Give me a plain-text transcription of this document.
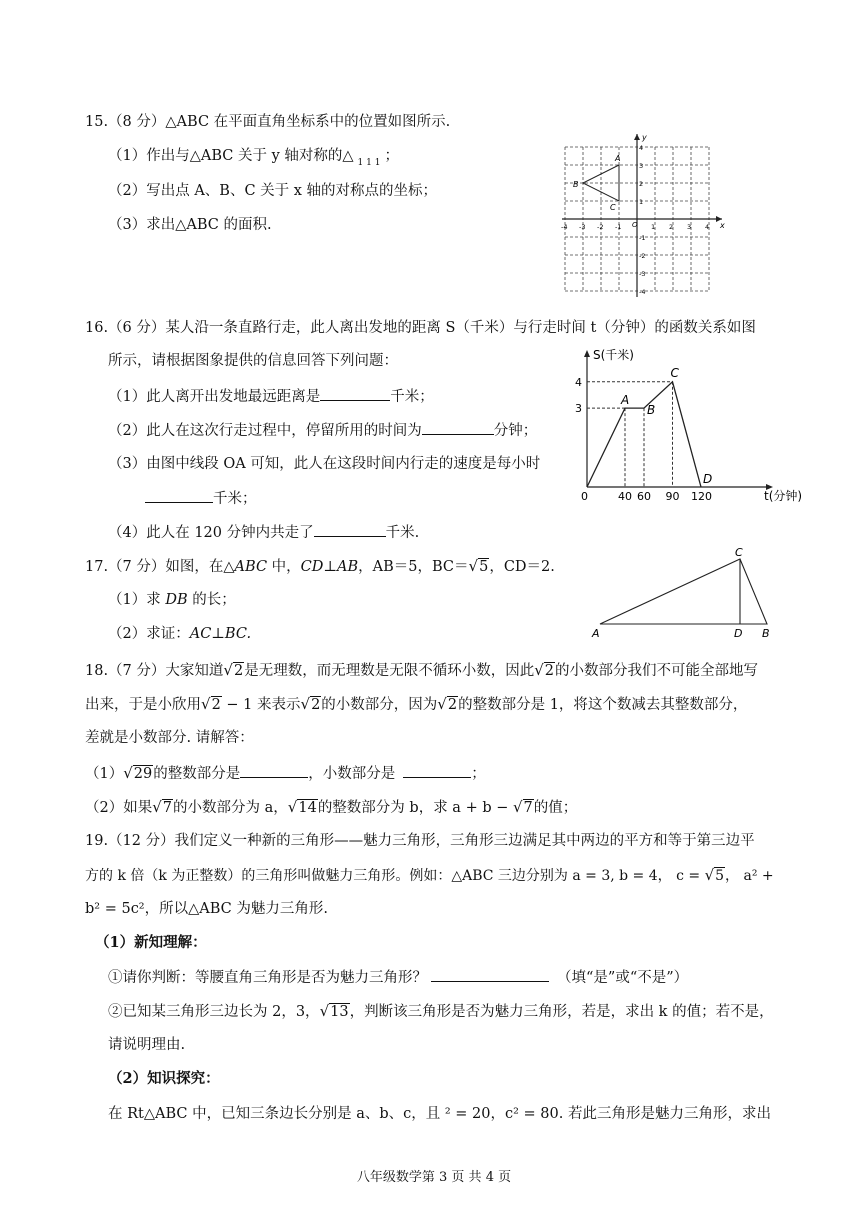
15.（8 分）△ABC 在平面直角坐标系中的位置如图所示.
（1）作出与△ABC 关于 y 轴对称的△ $_{1 1 1}$ ；
（2）写出点 A、B、C 关于 x 轴的对称点的坐标；
（3）求出△ABC 的面积.	x
y
O
-4 -3 -2 -1	1 2 3 4
4
3
2
1
-1
-2
-3
-4
A
B
C
16.（6 分）某人沿一条直路行走，此人离出发地的距离 S（千米）与行走时间 t（分钟）的函数关系如图
所示，请根据图象提供的信息回答下列问题：
（1）此人离开出发地最远距离是	千米；
（2）此人在这次行走过程中，停留所用的时间为	分钟；
（3）由图中线段 OA 可知，此人在这段时间内行走的速度是每小时
千米；
（4）此人在 120 分钟内共走了	千米.
S(千米)
t(分钟)
0	40 60 90 120
3
4
A
B
C
D
17.（7 分）如图，在△ABC 中，CD⊥AB，AB＝5，BC＝√5，CD＝2.
（1）求 DB 的长；
（2）求证：AC⊥BC.	A
C
D B
18.（7 分）大家知道√2是无理数，而无理数是无限不循环小数，因此√2的小数部分我们不可能全部地写
出来，于是小欣用√2 − 1 来表示√2的小数部分，因为√2的整数部分是 1，将这个数减去其整数部分，
差就是小数部分. 请解答：
（1）√29的整数部分是	，小数部分是	；
（2）如果√7的小数部分为 a，√14的整数部分为 b，求 a + b − √7的值；
19.（12 分）我们定义一种新的三角形——魅力三角形，三角形三边满足其中两边的平方和等于第三边平
方的 k 倍（k 为正整数）的三角形叫做魅力三角形。例如：△ABC 三边分别为 a = 3, b = 4， c = √5， a² +
b² = 5c²，所以△ABC 为魅力三角形.
（1）新知理解：
①请你判断：等腰直角三角形是否为魅力三角形？	（填“是”或“不是”）
②已知某三角形三边长为 2，3，√13，判断该三角形是否为魅力三角形，若是，求出 k 的值；若不是，
请说明理由.
（2）知识探究：
在 Rt△ABC 中，已知三条边长分别是 a、b、c，且 ² = 20，c² = 80. 若此三角形是魅力三角形，求出
八年级数学第 3 页 共 4 页
